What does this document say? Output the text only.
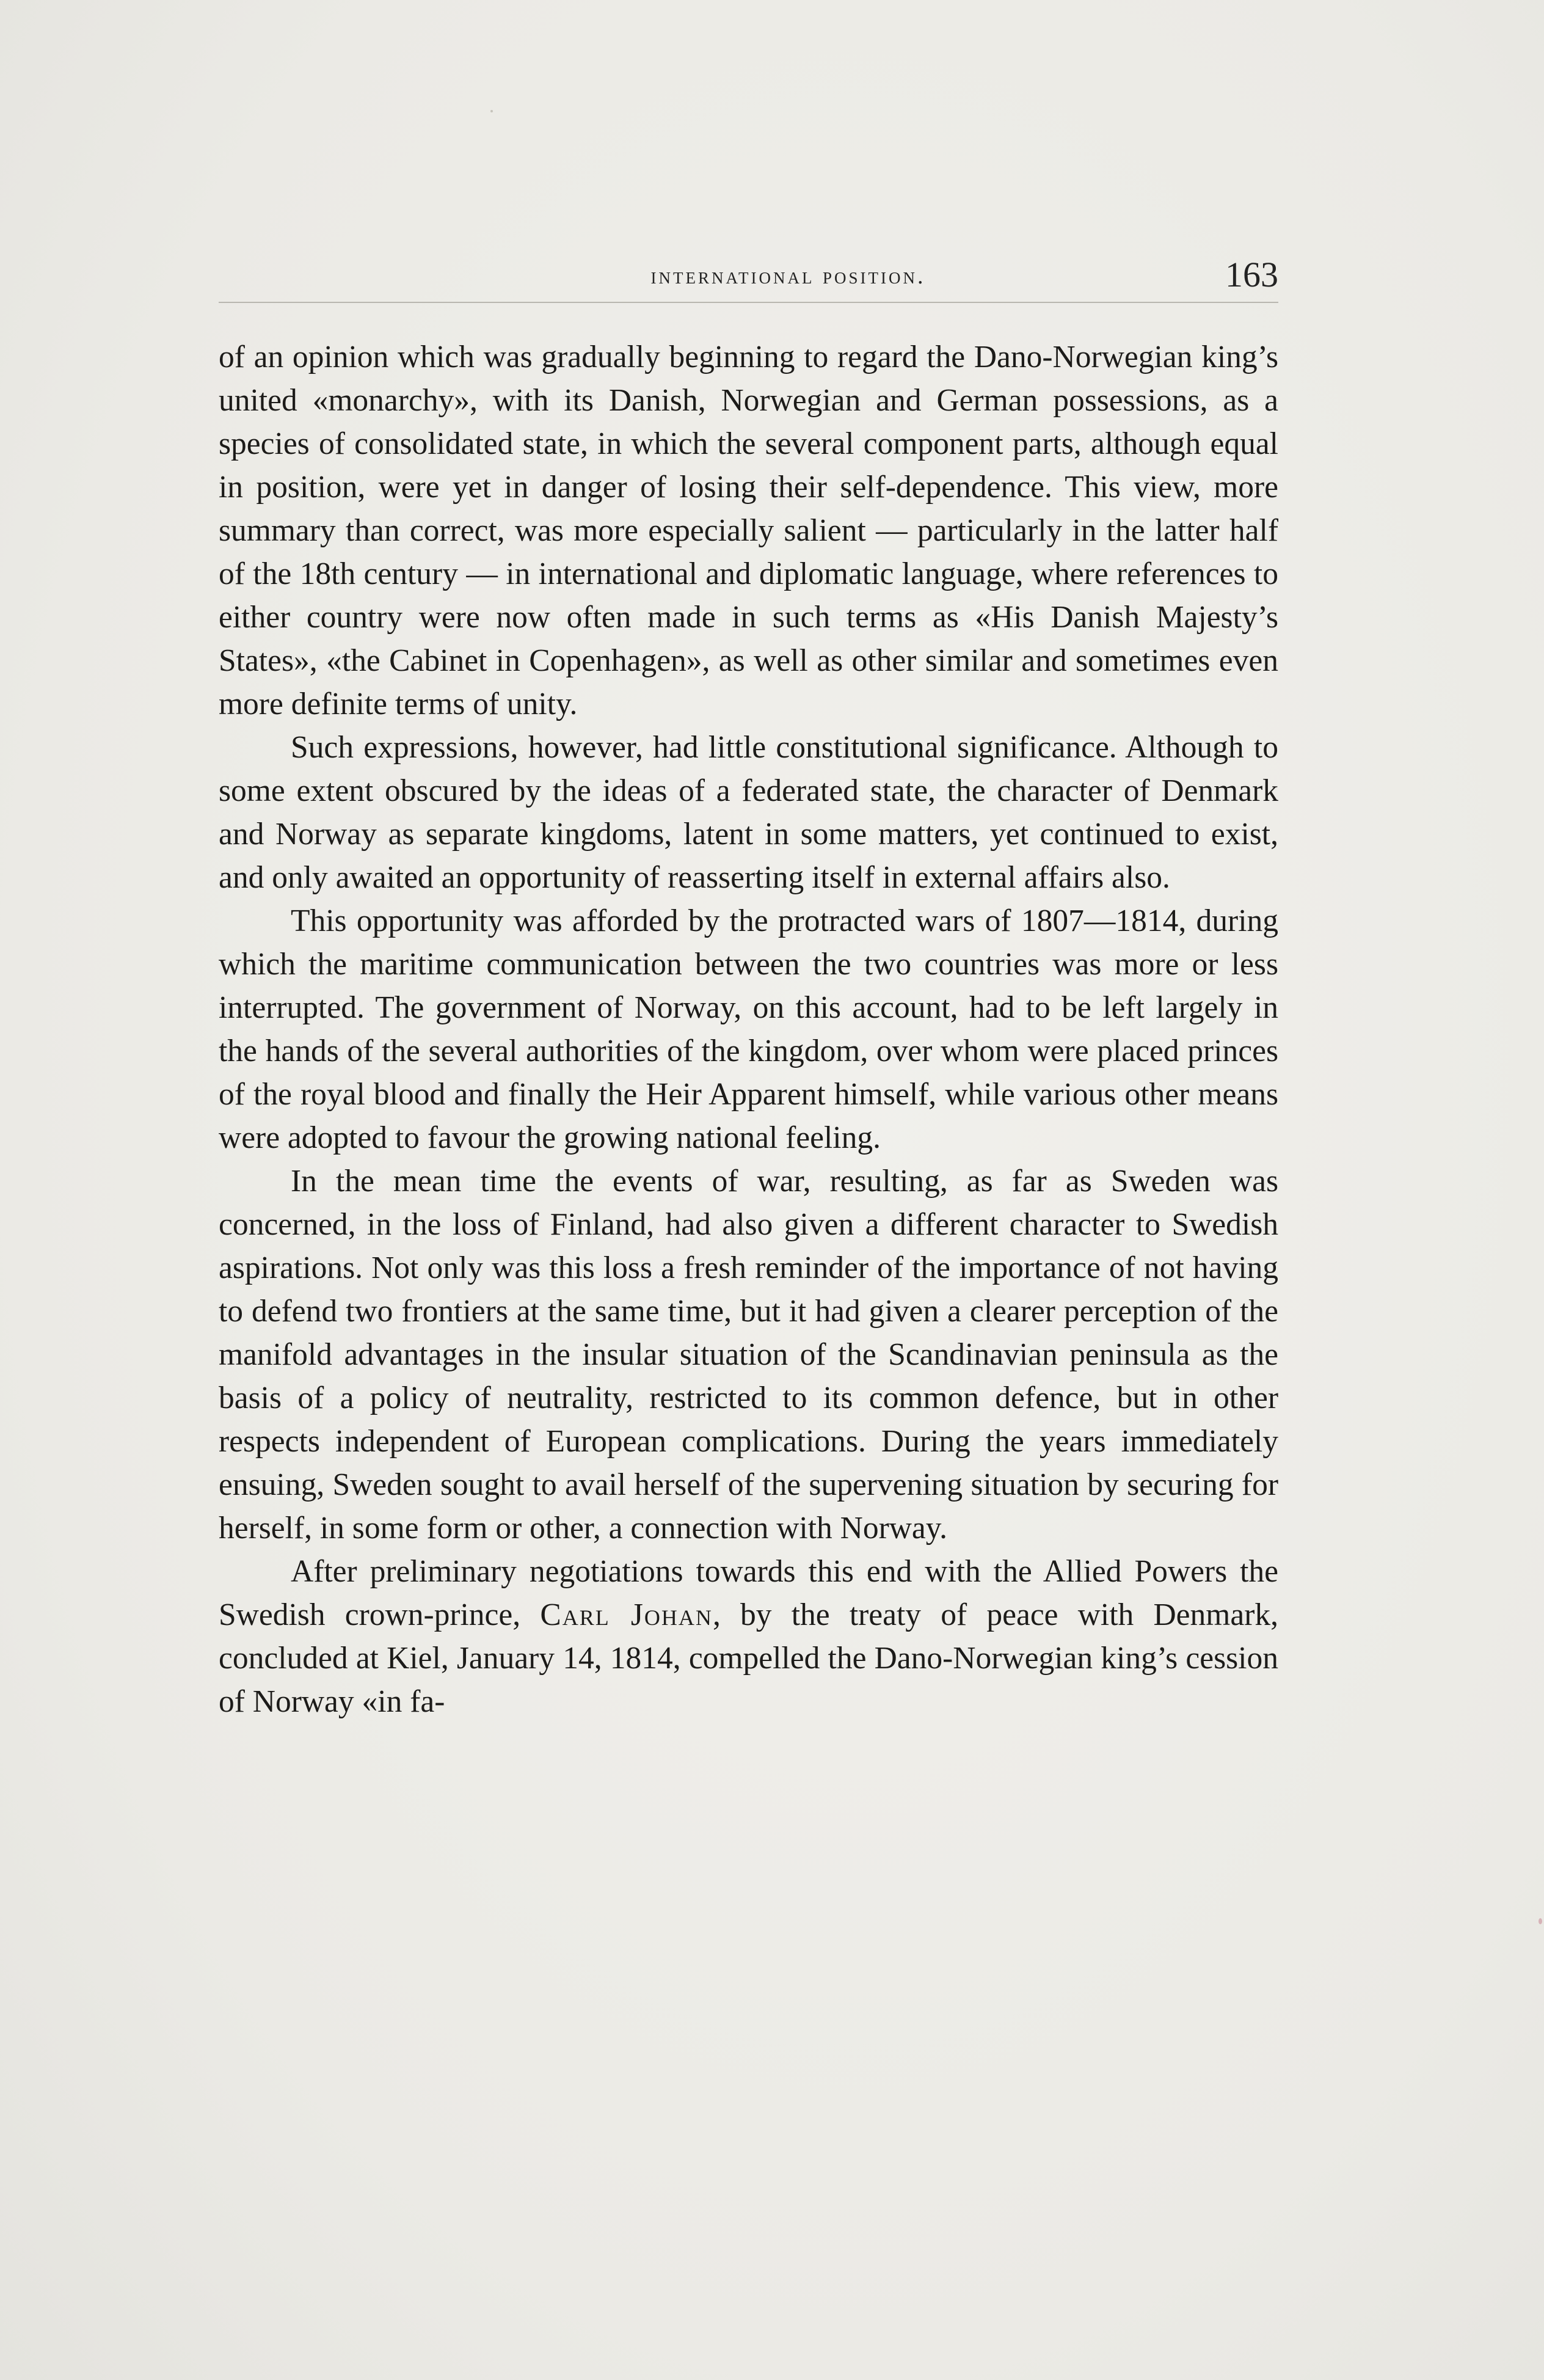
international position.	163

of an opinion which was gradually beginning to regard the Dano-Norwegian king’s united «monarchy», with its Danish, Norwegian and German possessions, as a species of consolidated state, in which the several component parts, although equal in position, were yet in danger of losing their self-dependence. This view, more summary than correct, was more especially salient — particularly in the latter half of the 18th century — in international and diplomatic language, where references to either country were now often made in such terms as «His Danish Majesty’s States», «the Cabinet in Copenhagen», as well as other similar and sometimes even more definite terms of unity.

Such expressions, however, had little constitutional significance. Although to some extent obscured by the ideas of a federated state, the character of Denmark and Norway as separate kingdoms, latent in some matters, yet continued to exist, and only awaited an opportunity of reasserting itself in external affairs also.

This opportunity was afforded by the protracted wars of 1807—1814, during which the maritime communication between the two countries was more or less interrupted. The government of Norway, on this account, had to be left largely in the hands of the several authorities of the kingdom, over whom were placed princes of the royal blood and finally the Heir Apparent himself, while various other means were adopted to favour the growing national feeling.

In the mean time the events of war, resulting, as far as Sweden was concerned, in the loss of Finland, had also given a different character to Swedish aspirations. Not only was this loss a fresh reminder of the importance of not having to defend two frontiers at the same time, but it had given a clearer perception of the manifold advantages in the insular situation of the Scandinavian peninsula as the basis of a policy of neutrality, restricted to its common defence, but in other respects independent of European complications. During the years immediately ensuing, Sweden sought to avail herself of the supervening situation by securing for herself, in some form or other, a connection with Norway.

After preliminary negotiations towards this end with the Allied Powers the Swedish crown-prince, Carl Johan, by the treaty of peace with Denmark, concluded at Kiel, January 14, 1814, compelled the Dano-Norwegian king’s cession of Norway «in fa-
